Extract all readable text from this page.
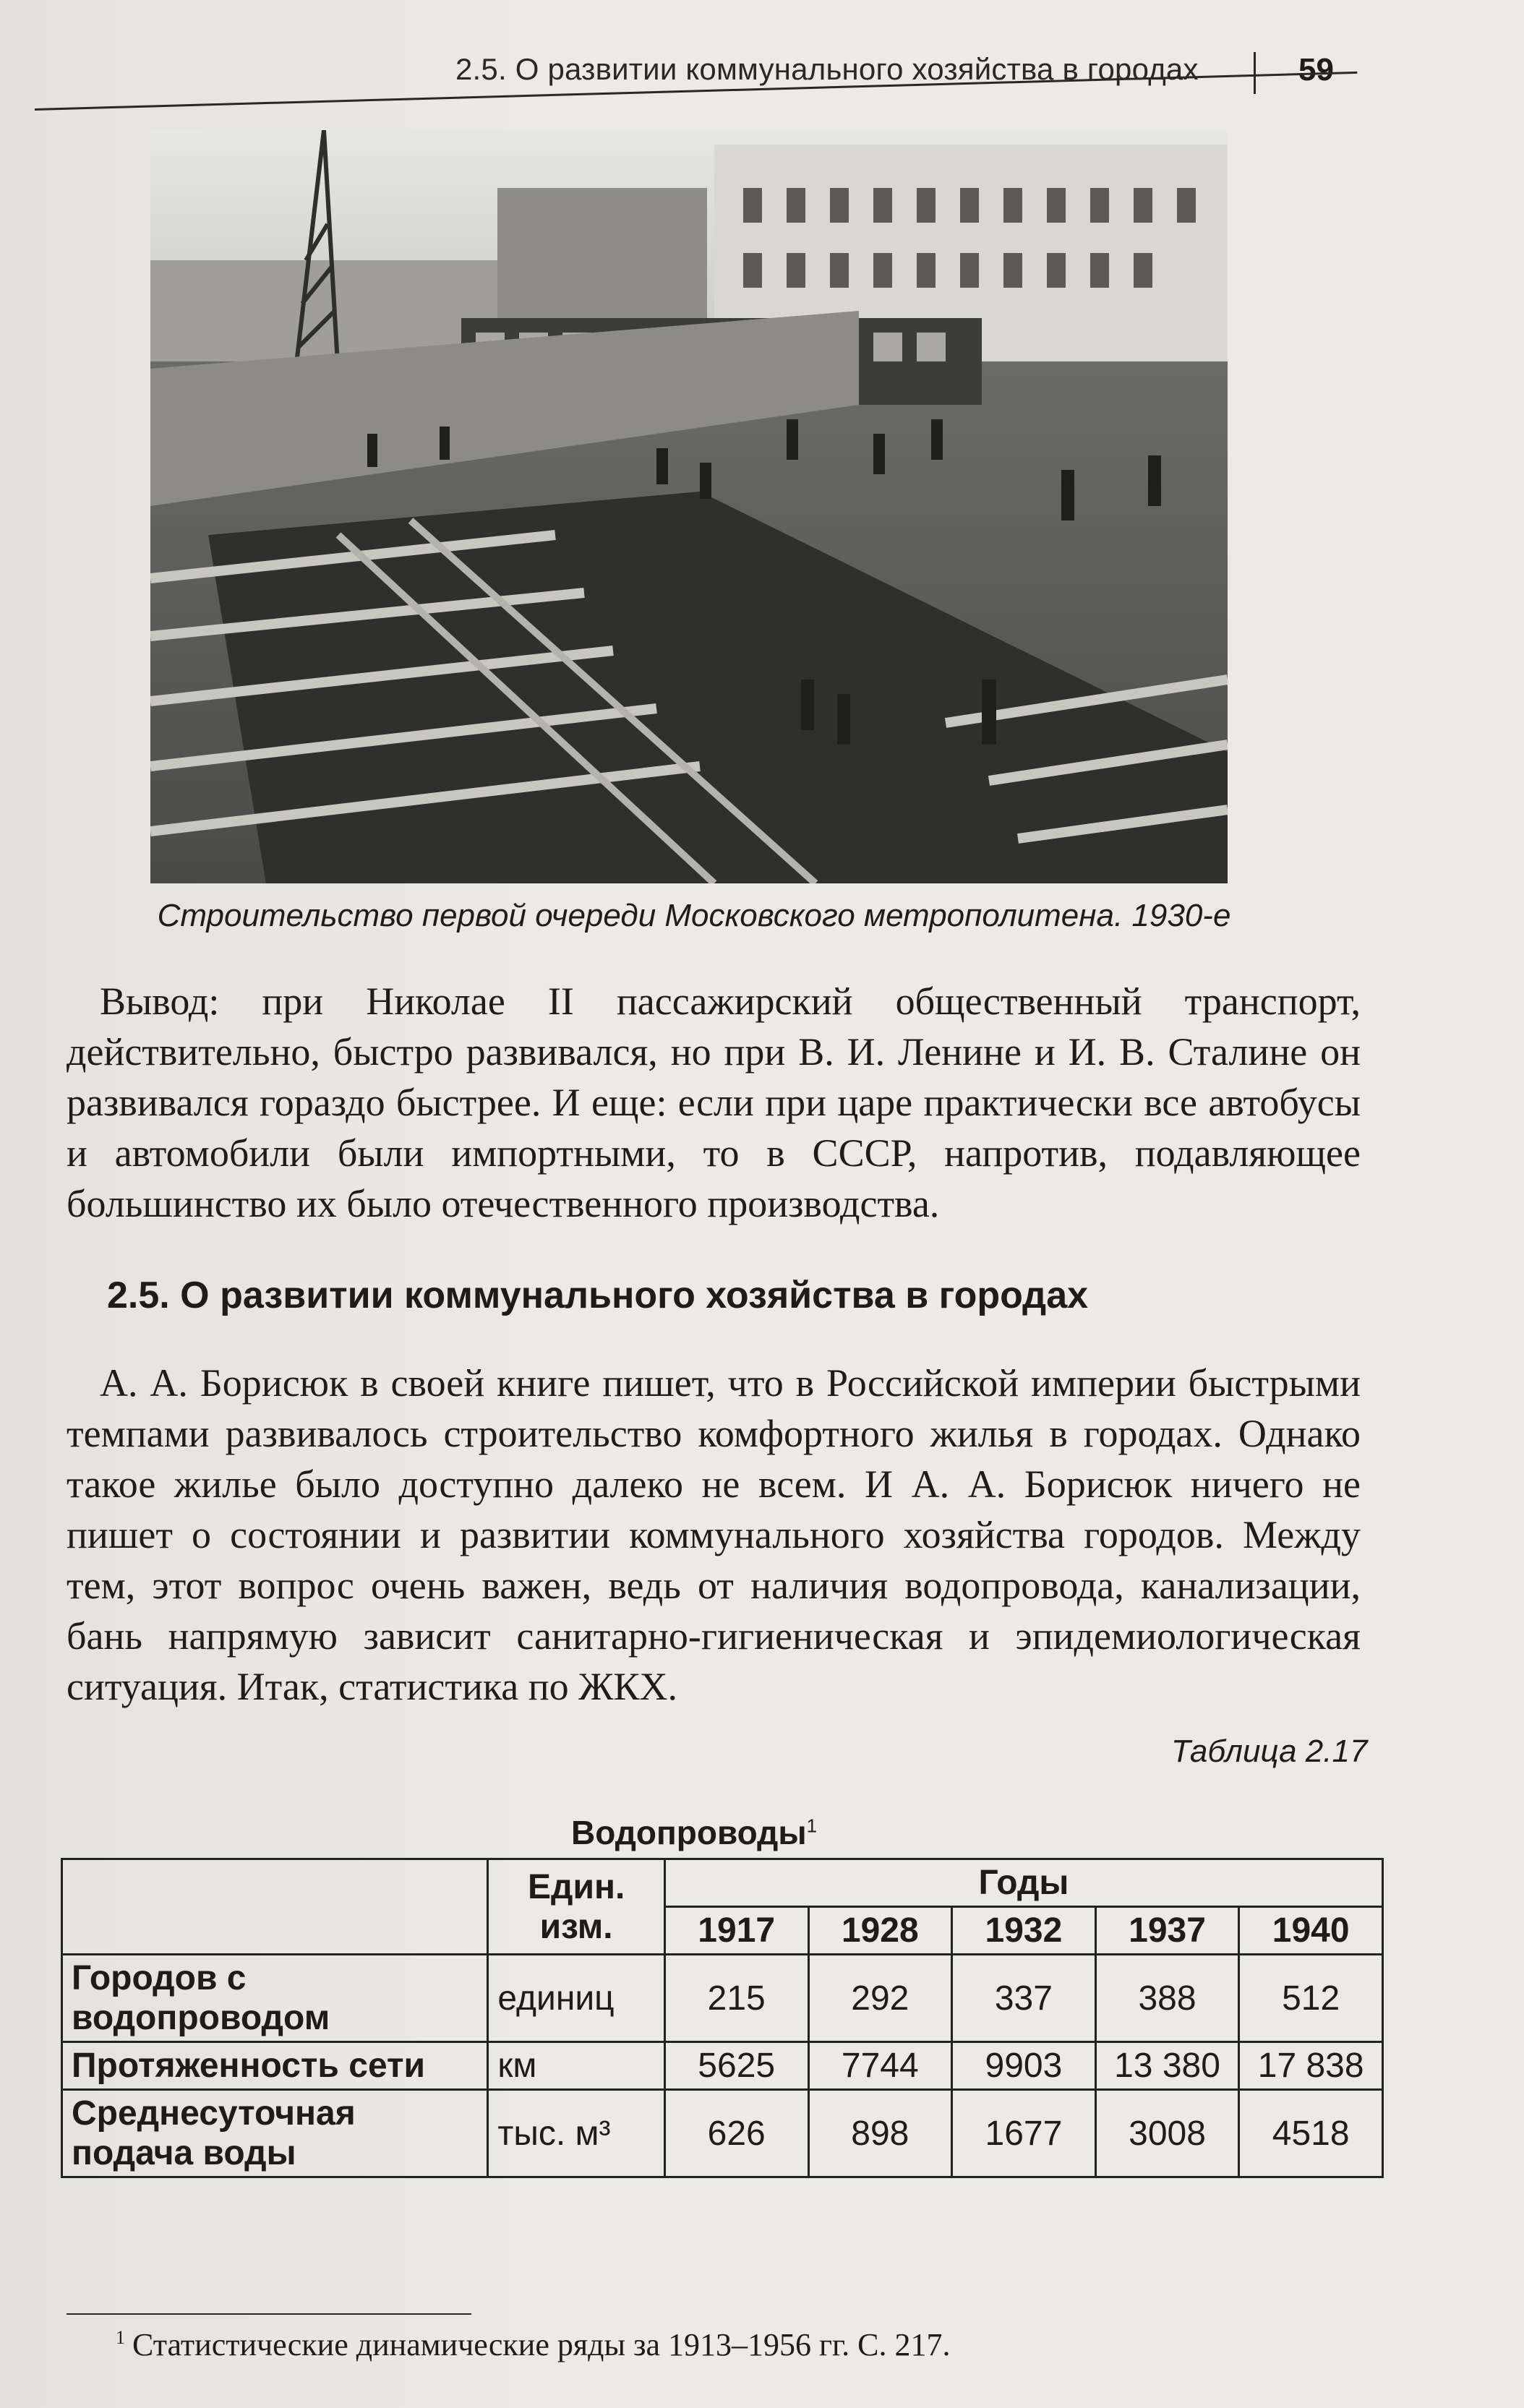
2.5. О развитии коммунального хозяйства в городах	59
Строительство первой очереди Московского метрополитена. 1930-е
Вывод: при Николае II пассажирский общественный транспорт, действительно, быстро развивался, но при В. И. Ленине и И. В. Сталине он развивался гораздо быстрее. И еще: если при царе практически все автобусы и автомобили были импортными, то в СССР, напротив, подавляющее большинство их было отечественного производства.
2.5. О развитии коммунального хозяйства в городах
А. А. Борисюк в своей книге пишет, что в Российской империи быстрыми темпами развивалось строительство комфортного жилья в городах. Однако такое жилье было доступно далеко не всем. И А. А. Борисюк ничего не пишет о состоянии и развитии коммунального хозяйства городов. Между тем, этот вопрос очень важен, ведь от наличия водопровода, канализации, бань напрямую зависит санитарно-гигиеническая и эпидемиологическая ситуация. Итак, статистика по ЖКХ.
Таблица 2.17
Водопроводы$^1$
	Един. изм.	Годы				
		1917	1928	1932	1937	1940
Городов с водопроводом	единиц	215	292	337	388	512
Протяженность сети	км	5625	7744	9903	13 380	17 838
Среднесуточная подача воды	тыс. м³	626	898	1677	3008	4518
$^1$ Статистические динамические ряды за 1913–1956 гг. С. 217.
